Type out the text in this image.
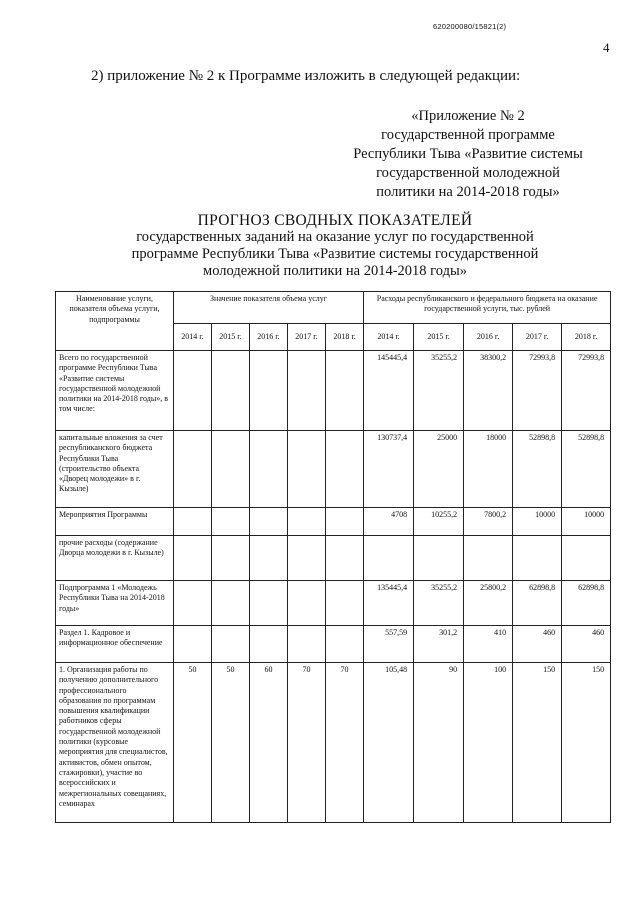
620200080/15821(2)
4
2) приложение № 2 к Программе изложить в следующей редакции:
«Приложение № 2
государственной программе
Республики Тыва «Развитие системы
государственной молодежной
политики на 2014-2018 годы»
ПРОГНОЗ СВОДНЫХ ПОКАЗАТЕЛЕЙ
государственных заданий на оказание услуг по государственной
программе Республики Тыва «Развитие системы государственной
молодежной политики на 2014-2018 годы»
Наименование услуги, показателя объема услуги, подпрограммы	Значение показателя объема услуг					Расходы республиканского и федерального бюджета на оказание государственной услуги, тыс. рублей				
	2014 г.	2015 г.	2016 г.	2017 г.	2018 г.	2014 г.	2015 г.	2016 г.	2017 г.	2018 г.
Всего по государственной программе Республики Тыва «Развитие системы государственной молодежной политики на 2014-2018 годы», в том числе:						145445,4	35255,2	38300,2	72993,8	72993,8
капитальные вложения за счет республиканского бюджета Республики Тыва (строительство объекта «Дворец молодежи» в г. Кызыле)						130737,4	25000	18000	52898,8	52898,8
Мероприятия Программы						4708	10255,2	7800,2	10000	10000
прочие расходы (содержание Дворца молодежи в г. Кызыле)										
Подпрограмма 1 «Молодежь Республики Тыва на 2014-2018 годы»						135445,4	35255,2	25800,2	62898,8	62898,8
Раздел 1. Кадровое и информационное обеспечение						557,59	301,2	410	460	460
1. Организация работы по получению дополнительного профессионального образования по программам повышения квалификации работников сферы государственной молодежной политики (курсовые мероприятия для специалистов, активистов, обмен опытом, стажировки), участие во всероссийских и межрегиональных совещаниях, семинарах	50	50	60	70	70	105,48	90	100	150	150
